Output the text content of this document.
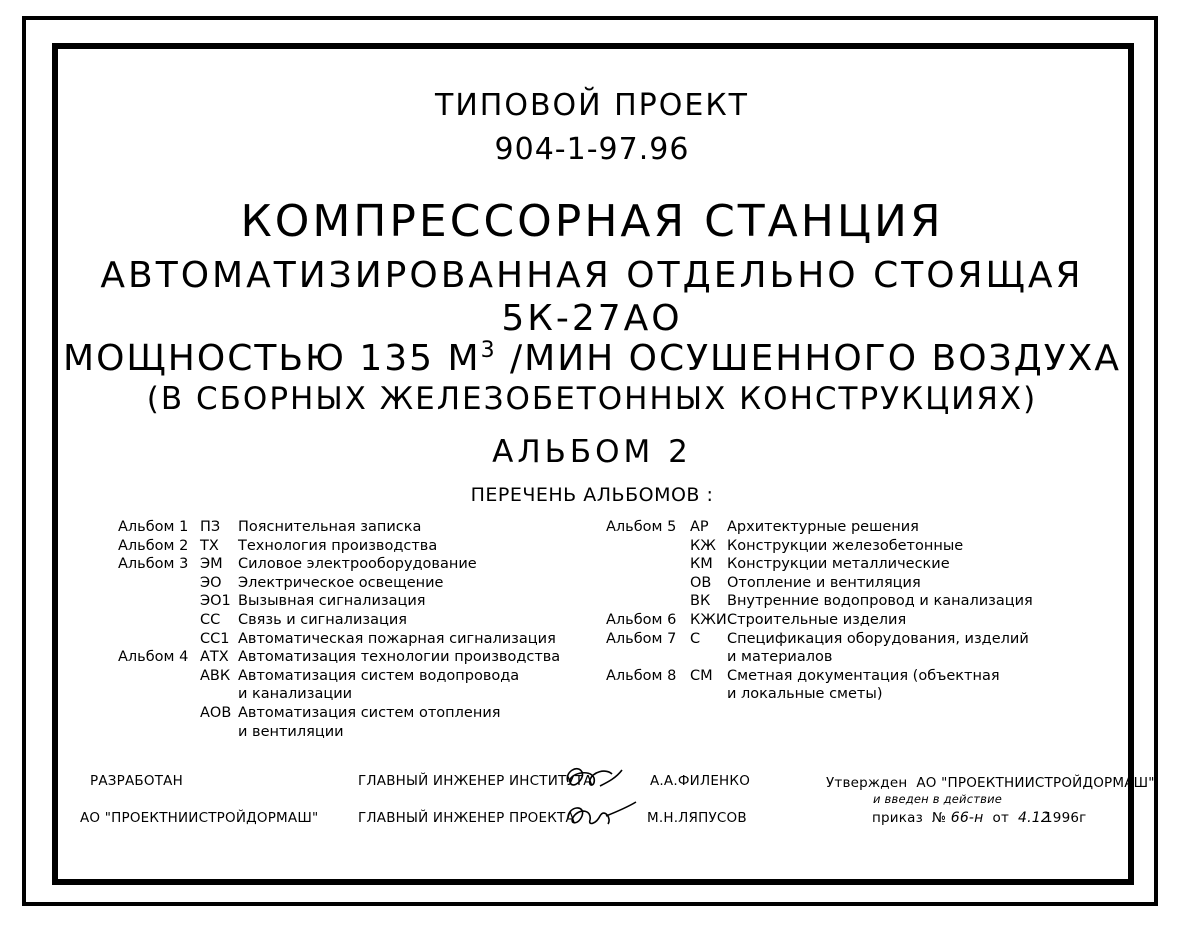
ТИПОВОЙ ПРОЕКТ
904-1-97.96
КОМПРЕССОРНАЯ СТАНЦИЯ
АВТОМАТИЗИРОВАННАЯ ОТДЕЛЬНО СТОЯЩАЯ
5К-27АО
МОЩНОСТЬЮ 135 $М^3$ /МИН ОСУШЕННОГО ВОЗДУХА
(В СБОРНЫХ ЖЕЛЕЗОБЕТОННЫХ КОНСТРУКЦИЯХ)
АЛЬБОМ 2
ПЕРЕЧЕНЬ АЛЬБОМОВ :
Альбом 1 ПЗ Пояснительная записка
Альбом 2 ТХ Технология производства
Альбом 3 ЭМ Силовое электрооборудование
ЭО Электрическое освещение
ЭО1 Вызывная сигнализация
СС Связь и сигнализация
СС1 Автоматическая пожарная сигнализация
Альбом 4 АТХ Автоматизация технологии производства
АВК Автоматизация систем водопровода
и канализации
АОВ Автоматизация систем отопления
и вентиляции
Альбом 5 АР Архитектурные решения
КЖ Конструкции железобетонные
КМ Конструкции металлические
ОВ Отопление и вентиляция
ВК Внутренние водопровод и канализация
Альбом 6 КЖИ Строительные изделия
Альбом 7 С Спецификация оборудования, изделий
и материалов
Альбом 8 СМ Сметная документация (объектная
и локальные сметы)
РАЗРАБОТАН
АО "ПРОЕКТНИИСТРОЙДОРМАШ"
ГЛАВНЫЙ ИНЖЕНЕР ИНСТИТУТА
ГЛАВНЫЙ ИНЖЕНЕР ПРОЕКТА
А.А.ФИЛЕНКО
М.Н.ЛЯПУСОВ
Утвержден АО "ПРОЕКТНИИСТРОЙДОРМАШ"
и введен в действие
приказ № 66-н от 4.12
1996г
